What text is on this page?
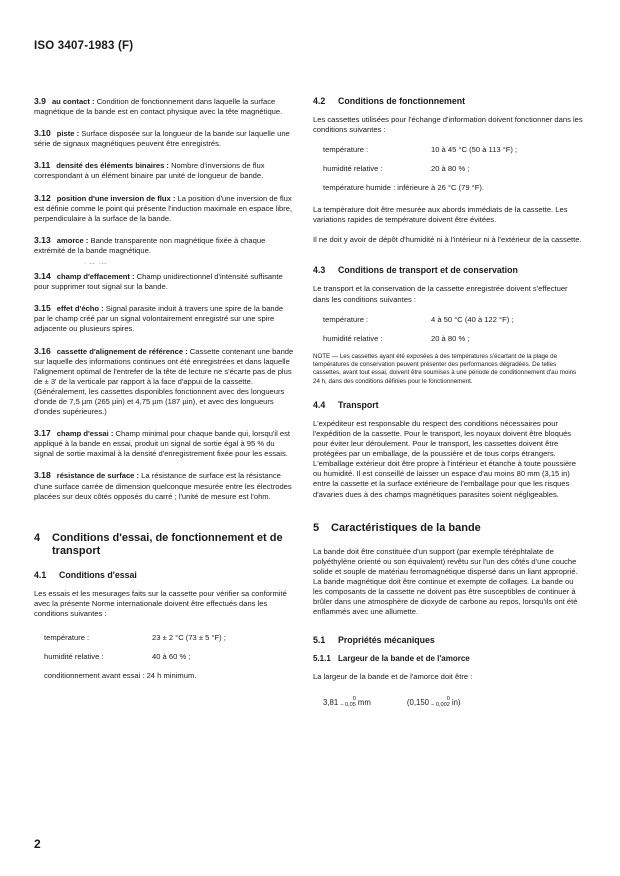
ISO 3407-1983 (F)

3.9 au contact : Condition de fonctionnement dans laquelle la surface magnétique de la bande est en contact physique avec la tête magnétique.

3.10 piste : Surface disposée sur la longueur de la bande sur laquelle une série de signaux magnétiques peuvent être enregistrés.

3.11 densité des éléments binaires : Nombre d'inversions de flux correspondant à un élément binaire par unité de longueur de bande.

3.12 position d'une inversion de flux : La position d'une inversion de flux est définie comme le point qui présente l'induction maximale en espace libre, perpendiculaire à la surface de la bande.

3.13 amorce : Bande transparente non magnétique fixée à chaque extrémité de la bande magnétique.

· -- ·--

3.14 champ d'effacement : Champ unidirectionnel d'intensité suffisante pour supprimer tout signal sur la bande.

3.15 effet d'écho : Signal parasite induit à travers une spire de la bande par le champ créé par un signal volontairement enregistré sur une spire adjacente ou plusieurs spires.

3.16 cassette d'alignement de référence : Cassette contenant une bande sur laquelle des informations continues ont été enregistrées et dans laquelle l'alignement optimal de l'entrefer de la tête de lecture ne s'écarte pas de plus de ± 3' de la verticale par rapport à la face d'appui de la cassette. (Généralement, les cassettes disponibles fonctionnent avec des longueurs d'onde de 7,5 µm (265 µin) et 4,75 µm (187 µin), et avec des longueurs d'ondes supérieures.)

3.17 champ d'essai : Champ minimal pour chaque bande qui, lorsqu'il est appliqué à la bande en essai, produit un signal de sortie égal à 95 % du signal de sortie maximal à la densité d'enregistrement fixée pour les essais.

3.18 résistance de surface : La résistance de surface est la résistance d'une surface carrée de dimension quelconque mesurée entre les électrodes placées sur deux côtés opposés du carré ; l'unité de mesure est l'ohm.

4	Conditions d'essai, de fonctionnement et de transport
4.1	Conditions d'essai

Les essais et les mesurages faits sur la cassette pour vérifier sa conformité avec la présente Norme internationale doivent être effectués dans les conditions suivantes :

température :	23 ± 2 °C (73 ± 5 °F) ;
humidité relative :	40 à 60 % ;
conditionnement avant essai : 24 h minimum.
4.2	Conditions de fonctionnement

Les cassettes utilisées pour l'échange d'information doivent fonctionner dans les conditions suivantes :

température :	10 à 45 °C (50 à 113 °F) ;
humidité relative :	20 à 80 % ;
température humide : inférieure à 26 °C (79 °F).

La température doit être mesurée aux abords immédiats de la cassette. Les variations rapides de température doivent être évitées.

Il ne doit y avoir de dépôt d'humidité ni à l'intérieur ni à l'extérieur de la cassette.

4.3	Conditions de transport et de conservation

Le transport et la conservation de la cassette enregistrée doivent s'effectuer dans les conditions suivantes :

température :	4 à 50 °C (40 à 122 °F) ;
humidité relative :	20 à 80 % ;

NOTE — Les cassettes ayant été exposées à des températures s'écartant de la plage de températures de conservation peuvent présenter des performances dégradées. De telles cassettes, avant tout essai, doivent être soumises à une période de conditionnement d'au moins 24 h, dans des conditions définies pour le fonctionnement.

4.4	Transport

L'expéditeur est responsable du respect des conditions nécessaires pour l'expédition de la cassette. Pour le transport, les noyaux doivent être bloqués pour éviter leur déroulement. Pour le transport, les cassettes doivent être protégées par un emballage, de la poussière et de tous corps étrangers. L'emballage extérieur doit être propre à l'intérieur et étanche à toute poussière ou humidité. Il est conseillé de laisser un espace d'au moins 80 mm (3,15 in) entre la cassette et la surface extérieure de l'emballage pour que les risques d'avaries dues à des champs magnétiques parasites soient négligeables.

5	Caractéristiques de la bande

La bande doit être constituée d'un support (par exemple téréphtalate de polyéthylène orienté ou son équivalent) revêtu sur l'un des côtés d'une couche solide et souple de matériau ferromagnétique dispersé dans un liant approprié. La bande magnétique doit être continue et exempte de collages. La bande ou les composants de la cassette ne doivent pas être susceptibles de continuer à brûler dans une atmosphère de dioxyde de carbone au repos, lorsqu'ils ont été enflammés avec une allumette.

5.1	Propriétés mécaniques
5.1.1 Largeur de la bande et de l'amorce

La largeur de la bande et de l'amorce doit être :

3,81	0
− 0,05 mm	(0,150	0
− 0,002 in)
2
